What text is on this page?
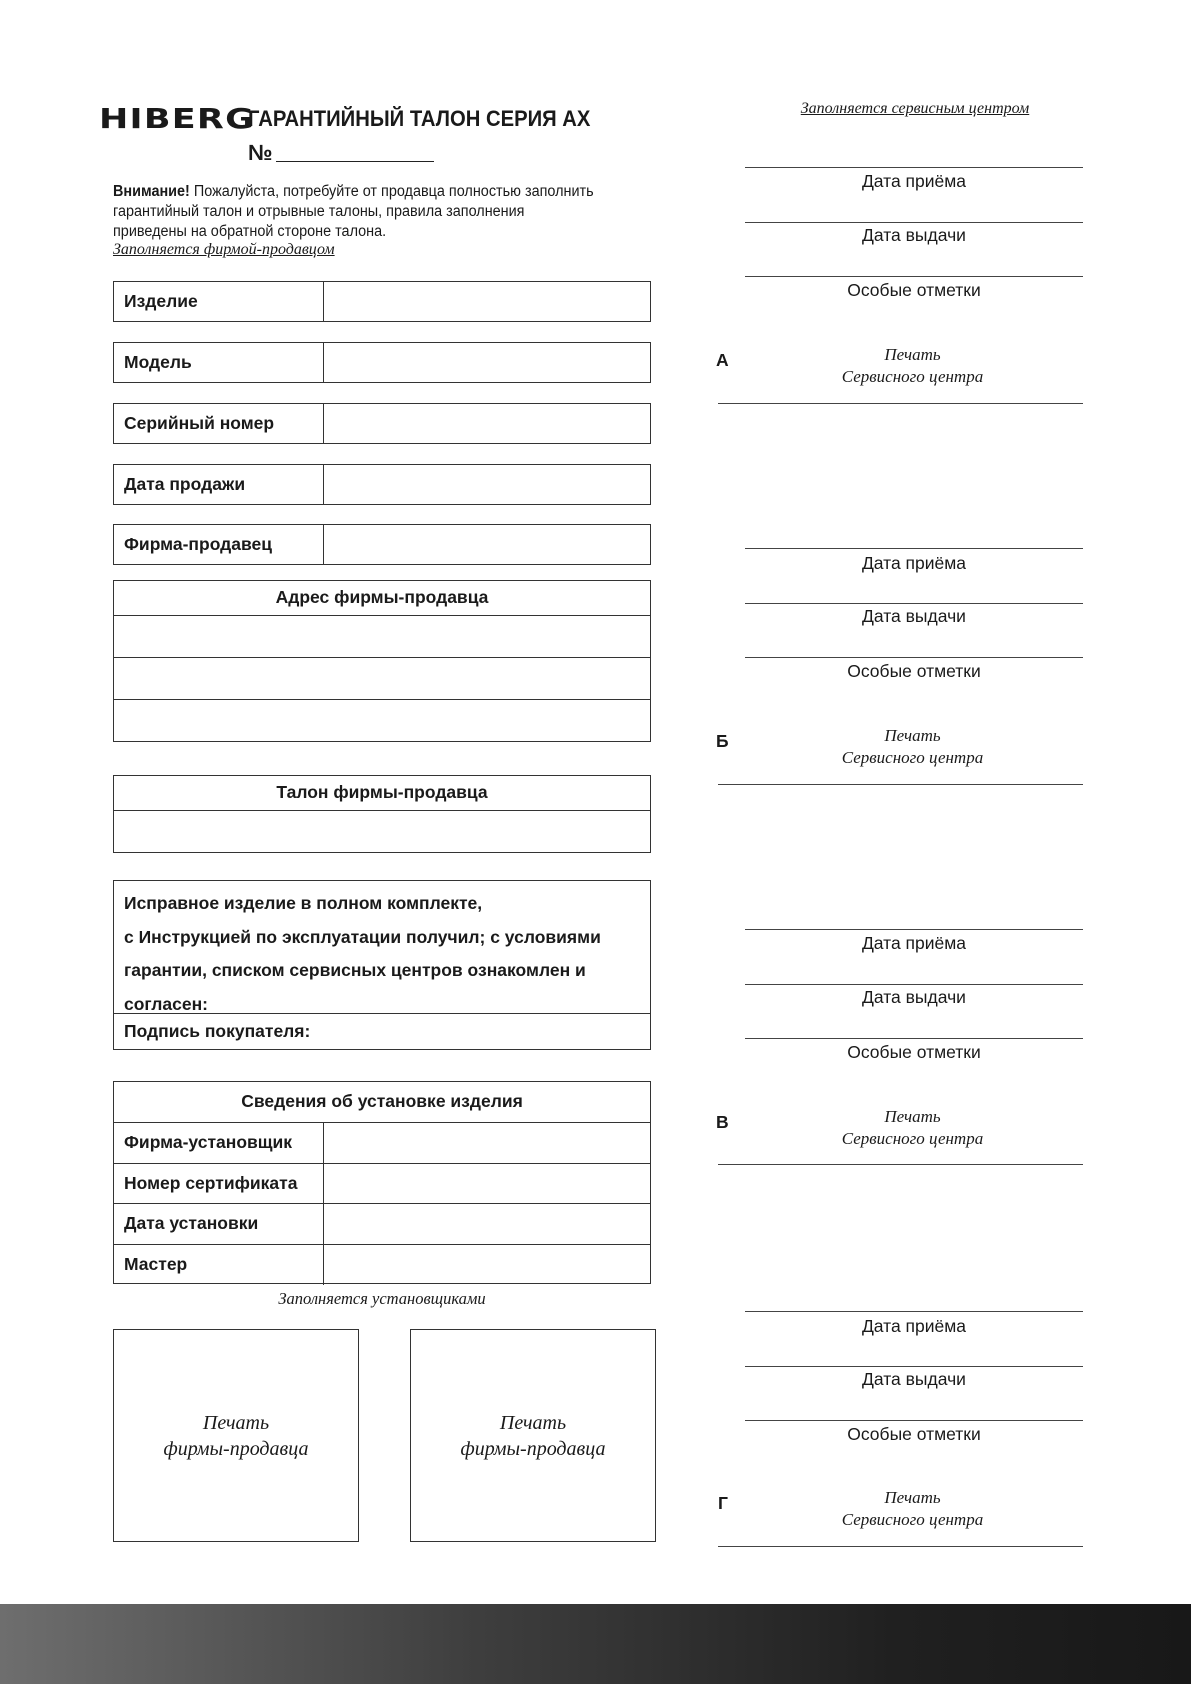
HIBERG
ГАРАНТИЙНЫЙ ТАЛОН СЕРИЯ АХ
№
Внимание! Пожалуйста, потребуйте от продавца полностью заполнить гарантийный талон и отрывные талоны, правила заполнения приведены на обратной стороне талона.
Заполняется фирмой-продавцом
Изделие
Модель
Серийный номер
Дата продажи
Фирма-продавец
Адрес фирмы-продавца
Талон фирмы-продавца
Исправное изделие в полном комплекте,
с Инструкцией по эксплуатации получил; с условиями
гарантии, списком сервисных центров ознакомлен и
согласен:
Подпись покупателя:
Сведения об установке изделия
Фирма-установщик
Номер сертификата
Дата установки
Мастер
Заполняется установщиками
Печать
фирмы-продавца
Печать
фирмы-продавца
Заполняется сервисным центром
Дата приёма
Дата выдачи
Особые отметки
А	Печать
Сервисного центра
Дата приёма
Дата выдачи
Особые отметки
Б	Печать
Сервисного центра
Дата приёма
Дата выдачи
Особые отметки
В	Печать
Сервисного центра
Дата приёма
Дата выдачи
Особые отметки
Г	Печать
Сервисного центра
